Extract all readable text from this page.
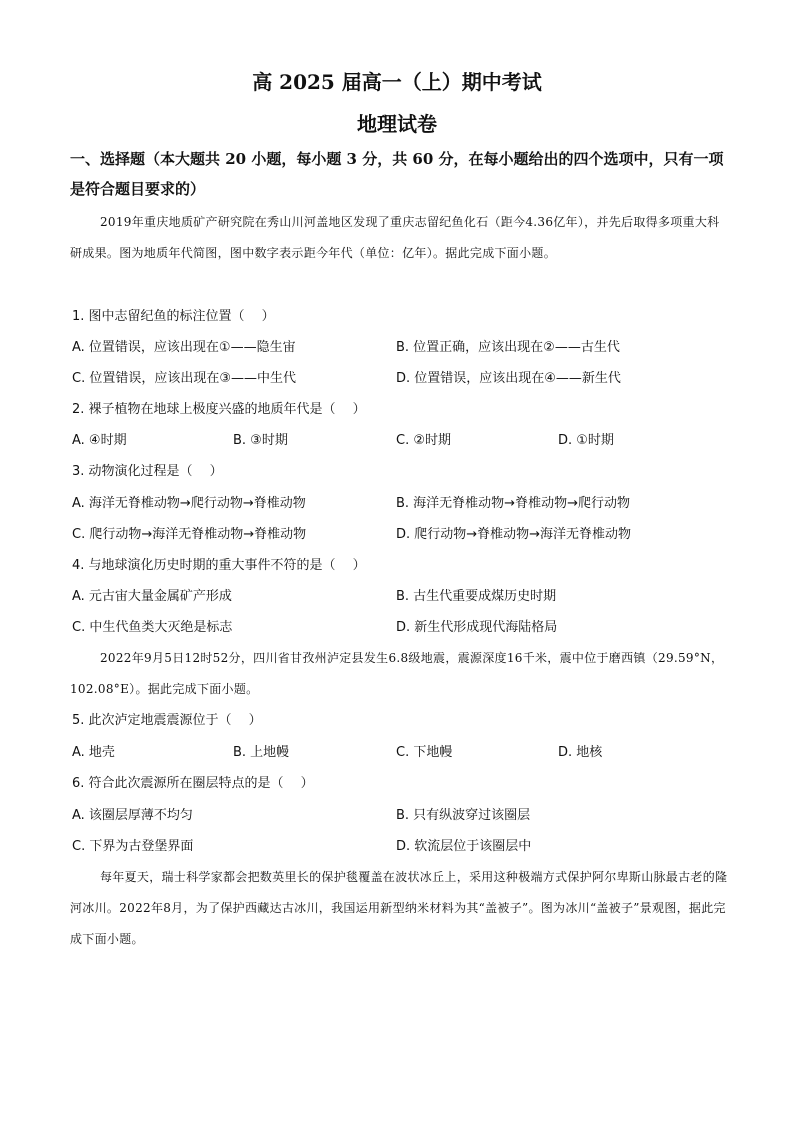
高 2025 届高一（上）期中考试
地理试卷
一、选择题（本大题共 20 小题，每小题 3 分，共 60 分，在每小题给出的四个选项中，只有一项是符合题目要求的）
2019年重庆地质矿产研究院在秀山川河盖地区发现了重庆志留纪鱼化石（距今4.36亿年），并先后取得多项重大科研成果。图为地质年代简图，图中数字表示距今年代（单位：亿年）。据此完成下面小题。
1. 图中志留纪鱼的标注位置（　 ）
A. 位置错误，应该出现在①——隐生宙	B. 位置正确，应该出现在②——古生代
C. 位置错误，应该出现在③——中生代	D. 位置错误，应该出现在④——新生代
2. 裸子植物在地球上极度兴盛的地质年代是（　 ）
A. ④时期	B. ③时期	C. ②时期	D. ①时期
3. 动物演化过程是（　 ）
A. 海洋无脊椎动物→爬行动物→脊椎动物	B. 海洋无脊椎动物→脊椎动物→爬行动物
C. 爬行动物→海洋无脊椎动物→脊椎动物	D. 爬行动物→脊椎动物→海洋无脊椎动物
4. 与地球演化历史时期的重大事件不符的是（　 ）
A. 元古宙大量金属矿产形成	B. 古生代重要成煤历史时期
C. 中生代鱼类大灭绝是标志	D. 新生代形成现代海陆格局
2022年9月5日12时52分，四川省甘孜州泸定县发生6.8级地震，震源深度16千米，震中位于磨西镇（29.59°N，102.08°E）。据此完成下面小题。
5. 此次泸定地震震源位于（　 ）
A. 地壳	B. 上地幔	C. 下地幔	D. 地核
6. 符合此次震源所在圈层特点的是（　 ）
A. 该圈层厚薄不均匀	B. 只有纵波穿过该圈层
C. 下界为古登堡界面	D. 软流层位于该圈层中
每年夏天，瑞士科学家都会把数英里长的保护毯覆盖在波状冰丘上，采用这种极端方式保护阿尔卑斯山脉最古老的隆河冰川。2022年8月，为了保护西藏达古冰川，我国运用新型纳米材料为其“盖被子”。图为冰川“盖被子”景观图，据此完成下面小题。
